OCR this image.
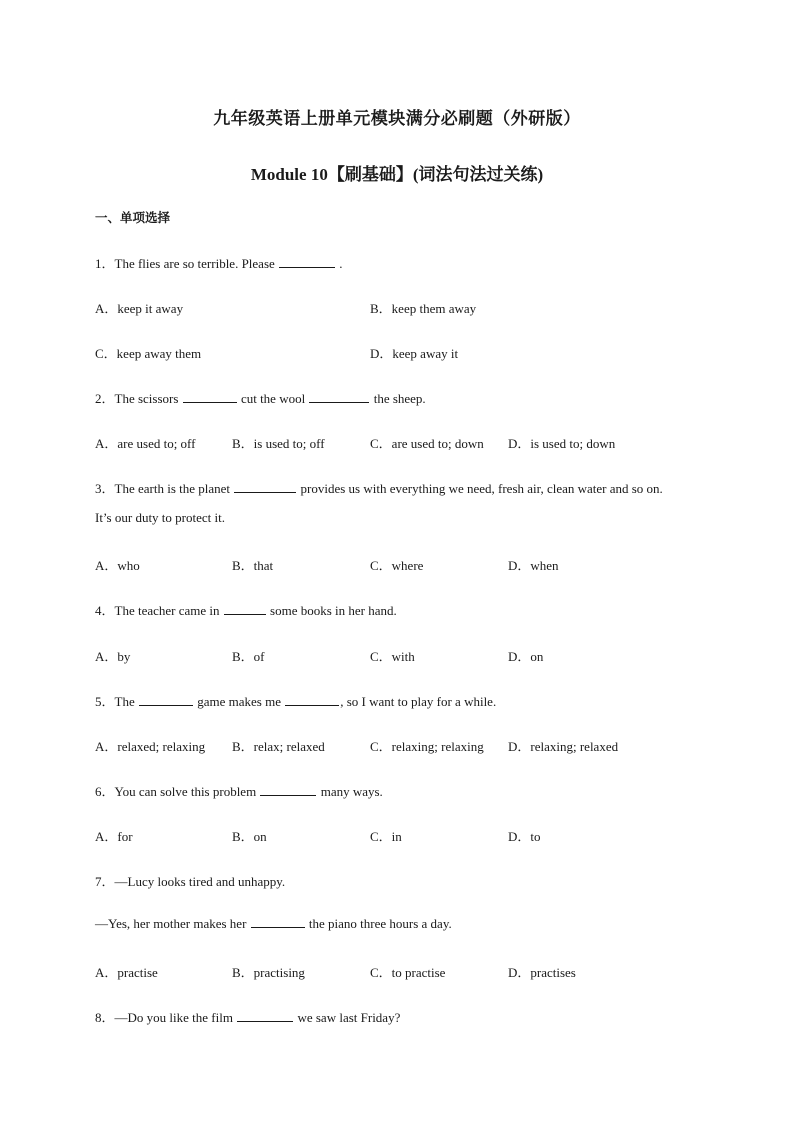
九年级英语上册单元模块满分必刷题（外研版）
Module 10【刷基础】(词法句法过关练)
一、单项选择
1．The flies are so terrible. Please	.
A．keep it away	B．keep them away
C．keep away them	D．keep away it
2．The scissors	cut the wool	the sheep.
A．are used to; off	B．is used to; off	C．are used to; down D．is used to; down
3．The earth is the planet	provides us with everything we need, fresh air, clean water and so on.
It’s our duty to protect it.
A．who	B．that	C．where	D．when
4．The teacher came in	some books in her hand.
A．by	B．of	C．with	D．on
5．The	game makes me	, so I want to play for a while.
A．relaxed; relaxing B．relax; relaxed	C．relaxing; relaxing D．relaxing; relaxed
6．You can solve this problem	many ways.
A．for	B．on	C．in	D．to
7．—Lucy looks tired and unhappy.
—Yes, her mother makes her	the piano three hours a day.
A．practise	B．practising	C．to practise	D．practises
8．—Do you like the film	we saw last Friday?
